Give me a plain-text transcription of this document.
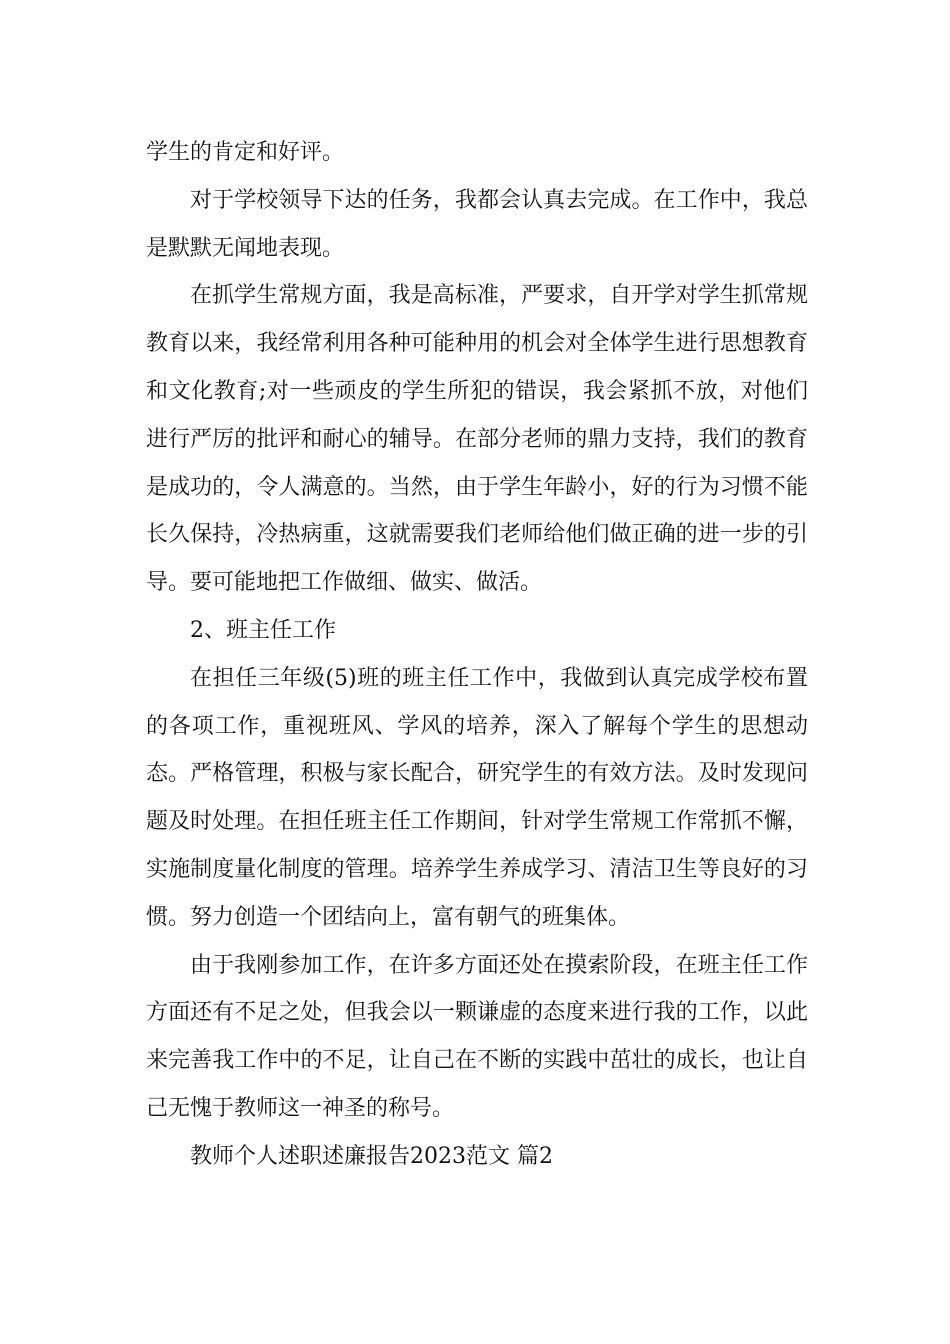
学生的肯定和好评。

对于学校领导下达的任务，我都会认真去完成。在工作中，我总是默默无闻地表现。

在抓学生常规方面，我是高标准，严要求，自开学对学生抓常规教育以来，我经常利用各种可能种用的机会对全体学生进行思想教育和文化教育;对一些顽皮的学生所犯的错误，我会紧抓不放，对他们进行严厉的批评和耐心的辅导。在部分老师的鼎力支持，我们的教育是成功的，令人满意的。当然，由于学生年龄小，好的行为习惯不能长久保持，冷热病重，这就需要我们老师给他们做正确的进一步的引导。要可能地把工作做细、做实、做活。

2、班主任工作

在担任三年级(5)班的班主任工作中，我做到认真完成学校布置的各项工作，重视班风、学风的培养，深入了解每个学生的思想动态。严格管理，积极与家长配合，研究学生的有效方法。及时发现问题及时处理。在担任班主任工作期间，针对学生常规工作常抓不懈，实施制度量化制度的管理。培养学生养成学习、清洁卫生等良好的习惯。努力创造一个团结向上，富有朝气的班集体。

由于我刚参加工作，在许多方面还处在摸索阶段，在班主任工作方面还有不足之处，但我会以一颗谦虚的态度来进行我的工作，以此来完善我工作中的不足，让自己在不断的实践中茁壮的成长，也让自己无愧于教师这一神圣的称号。

教师个人述职述廉报告2023范文 篇2
